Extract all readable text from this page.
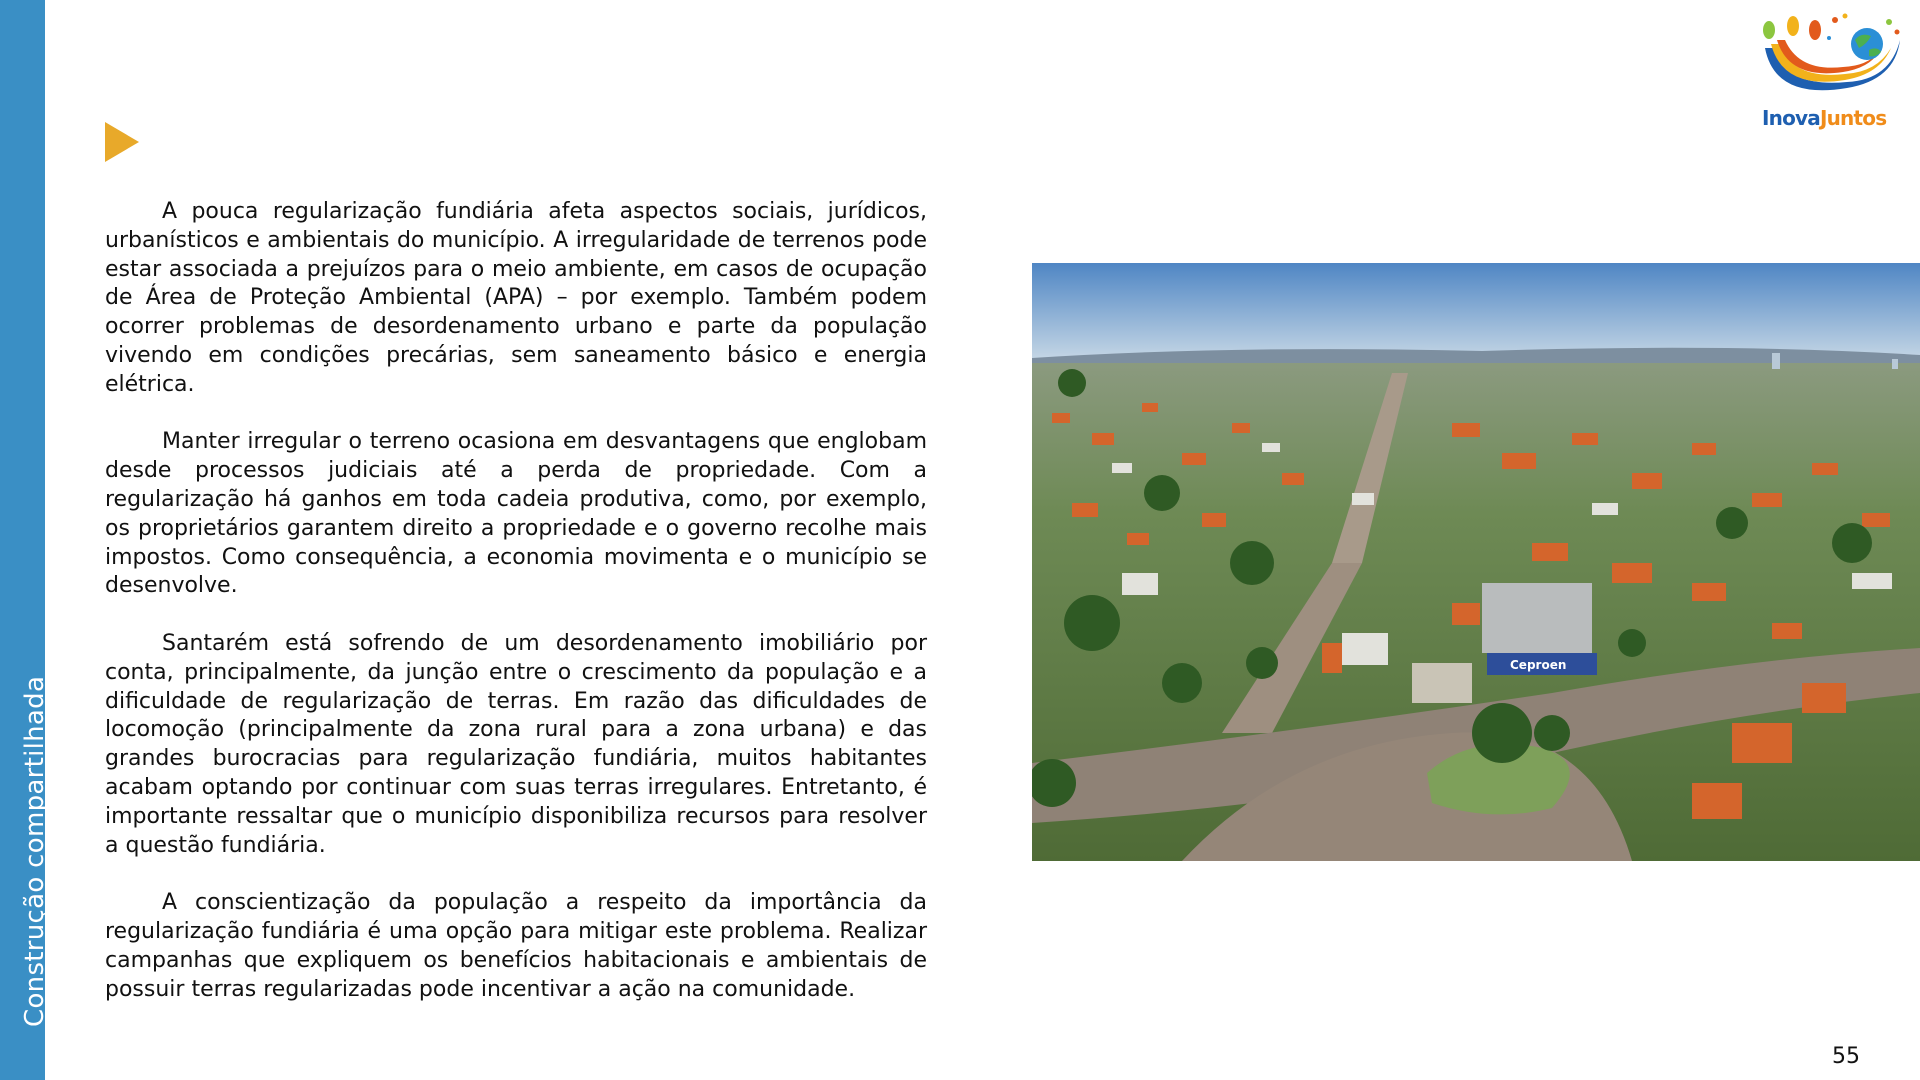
Construção compartilhada
InovaJuntos

A pouca regularização fundiária afeta aspectos sociais, jurídicos, urbanísticos e ambientais do município. A irregularidade de terrenos pode estar associada a prejuízos para o meio ambiente, em casos de ocupação de Área de Proteção Ambiental (APA) – por exemplo. Também podem ocorrer problemas de desordenamento urbano e parte da população vivendo em condições precárias, sem saneamento básico e energia elétrica.

Manter irregular o terreno ocasiona em desvantagens que englobam desde processos judiciais até a perda de propriedade. Com a regularização há ganhos em toda cadeia produtiva, como, por exemplo, os proprietários garantem direito a propriedade e o governo recolhe mais impostos. Como consequência, a economia movimenta e o município se desenvolve.

Santarém está sofrendo de um desordenamento imobiliário por conta, principalmente, da junção entre o crescimento da população e a dificuldade de regularização de terras. Em razão das dificuldades de locomoção (principalmente da zona rural para a zona urbana) e das grandes burocracias para regularização fundiária, muitos habitantes acabam optando por continuar com suas terras irregulares. Entretanto, é importante ressaltar que o município disponibiliza recursos para resolver a questão fundiária.

A conscientização da população a respeito da importância da regularização fundiária é uma opção para mitigar este problema. Realizar campanhas que expliquem os benefícios habitacionais e ambientais de possuir terras regularizadas pode incentivar a ação na comunidade.

Ceproen
55
